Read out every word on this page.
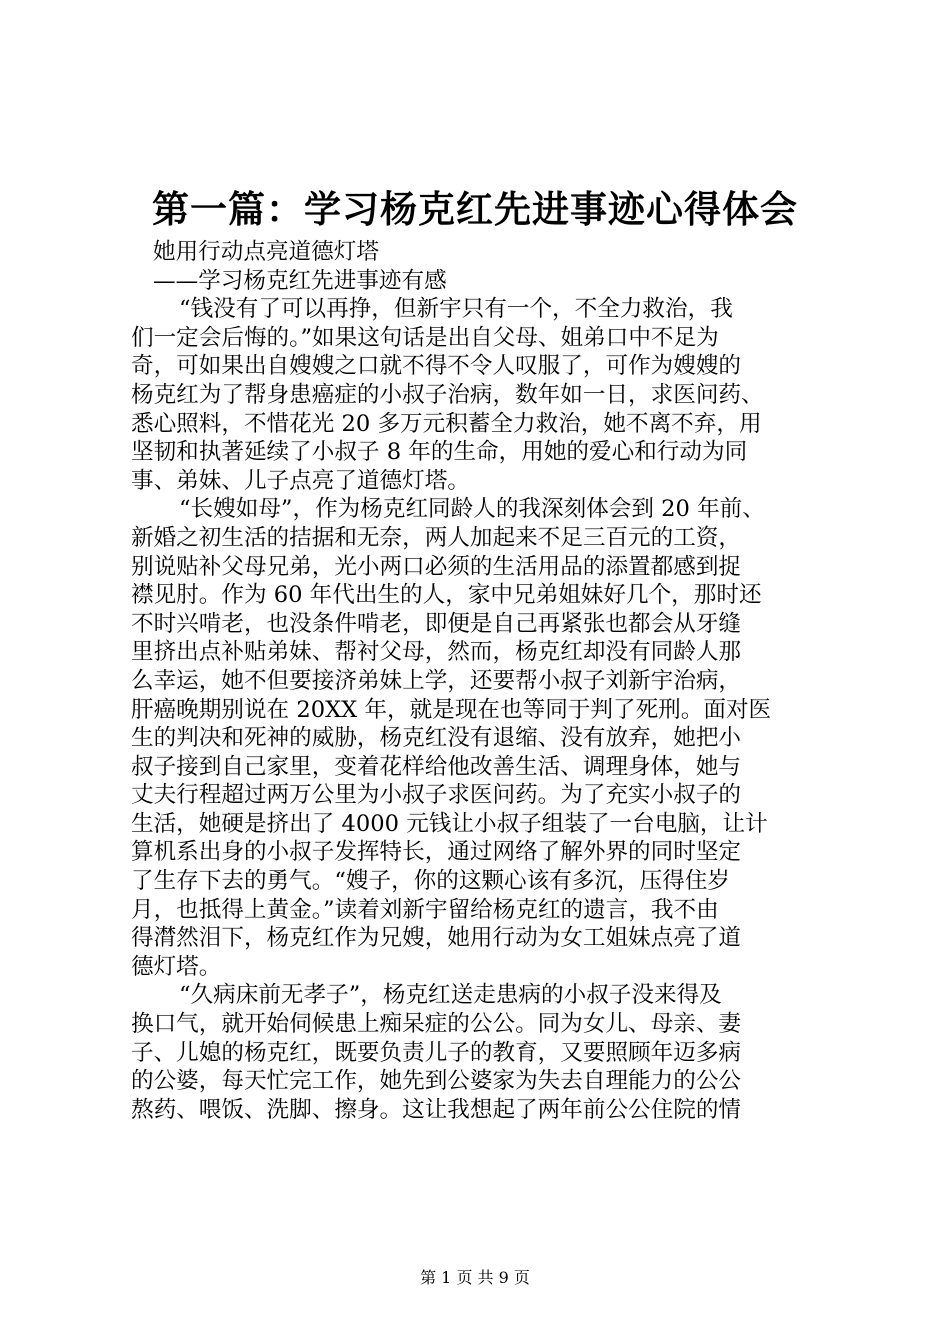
第一篇：学习杨克红先进事迹心得体会
她用行动点亮道德灯塔
——学习杨克红先进事迹有感
“钱没有了可以再挣，但新宇只有一个，不全力救治，我
们一定会后悔的。”如果这句话是出自父母、姐弟口中不足为
奇，可如果出自嫂嫂之口就不得不令人叹服了，可作为嫂嫂的
杨克红为了帮身患癌症的小叔子治病，数年如一日，求医问药、
悉心照料，不惜花光 20 多万元积蓄全力救治，她不离不弃，用
坚韧和执著延续了小叔子 8 年的生命，用她的爱心和行动为同
事、弟妹、儿子点亮了道德灯塔。
“长嫂如母”，作为杨克红同龄人的我深刻体会到 20 年前、
新婚之初生活的拮据和无奈，两人加起来不足三百元的工资，
别说贴补父母兄弟，光小两口必须的生活用品的添置都感到捉
襟见肘。作为 60 年代出生的人，家中兄弟姐妹好几个，那时还
不时兴啃老，也没条件啃老，即便是自己再紧张也都会从牙缝
里挤出点补贴弟妹、帮衬父母，然而，杨克红却没有同龄人那
么幸运，她不但要接济弟妹上学，还要帮小叔子刘新宇治病，
肝癌晚期别说在 20XX 年，就是现在也等同于判了死刑。面对医
生的判决和死神的威胁，杨克红没有退缩、没有放弃，她把小
叔子接到自己家里，变着花样给他改善生活、调理身体，她与
丈夫行程超过两万公里为小叔子求医问药。为了充实小叔子的
生活，她硬是挤出了 4000 元钱让小叔子组装了一台电脑，让计
算机系出身的小叔子发挥特长，通过网络了解外界的同时坚定
了生存下去的勇气。“嫂子，你的这颗心该有多沉，压得住岁
月，也抵得上黄金。”读着刘新宇留给杨克红的遗言，我不由
得潸然泪下，杨克红作为兄嫂，她用行动为女工姐妹点亮了道
德灯塔。
“久病床前无孝子”，杨克红送走患病的小叔子没来得及
换口气，就开始伺候患上痴呆症的公公。同为女儿、母亲、妻
子、儿媳的杨克红，既要负责儿子的教育，又要照顾年迈多病
的公婆，每天忙完工作，她先到公婆家为失去自理能力的公公
熬药、喂饭、洗脚、擦身。这让我想起了两年前公公住院的情
第 1 页 共 9 页
